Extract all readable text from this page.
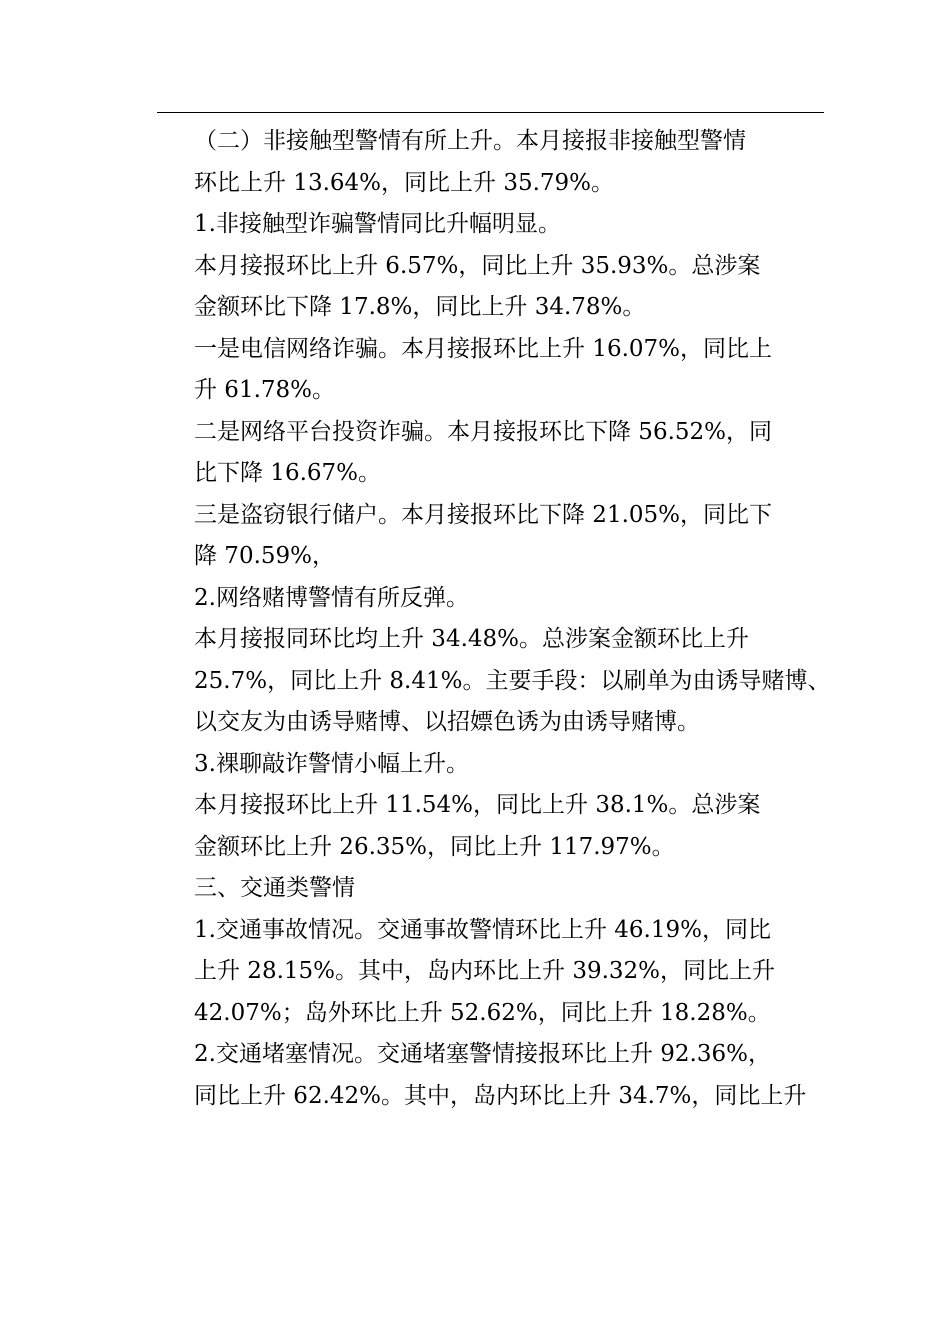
（二）非接触型警情有所上升。本月接报非接触型警情
环比上升 13.64%，同比上升 35.79%。

1.非接触型诈骗警情同比升幅明显。

本月接报环比上升 6.57%，同比上升 35.93%。总涉案
金额环比下降 17.8%，同比上升 34.78%。

一是电信网络诈骗。本月接报环比上升 16.07%，同比上
升 61.78%。

二是网络平台投资诈骗。本月接报环比下降 56.52%，同
比下降 16.67%。

三是盗窃银行储户。本月接报环比下降 21.05%，同比下
降 70.59%，

2.网络赌博警情有所反弹。

本月接报同环比均上升 34.48%。总涉案金额环比上升
25.7%，同比上升 8.41%。主要手段：以刷单为由诱导赌博、
以交友为由诱导赌博、以招嫖色诱为由诱导赌博。

3.裸聊敲诈警情小幅上升。

本月接报环比上升 11.54%，同比上升 38.1%。总涉案
金额环比上升 26.35%，同比上升 117.97%。

三、交通类警情

1.交通事故情况。交通事故警情环比上升 46.19%，同比
上升 28.15%。其中，岛内环比上升 39.32%，同比上升
42.07%；岛外环比上升 52.62%，同比上升 18.28%。

2.交通堵塞情况。交通堵塞警情接报环比上升 92.36%，
同比上升 62.42%。其中，岛内环比上升 34.7%，同比上升
